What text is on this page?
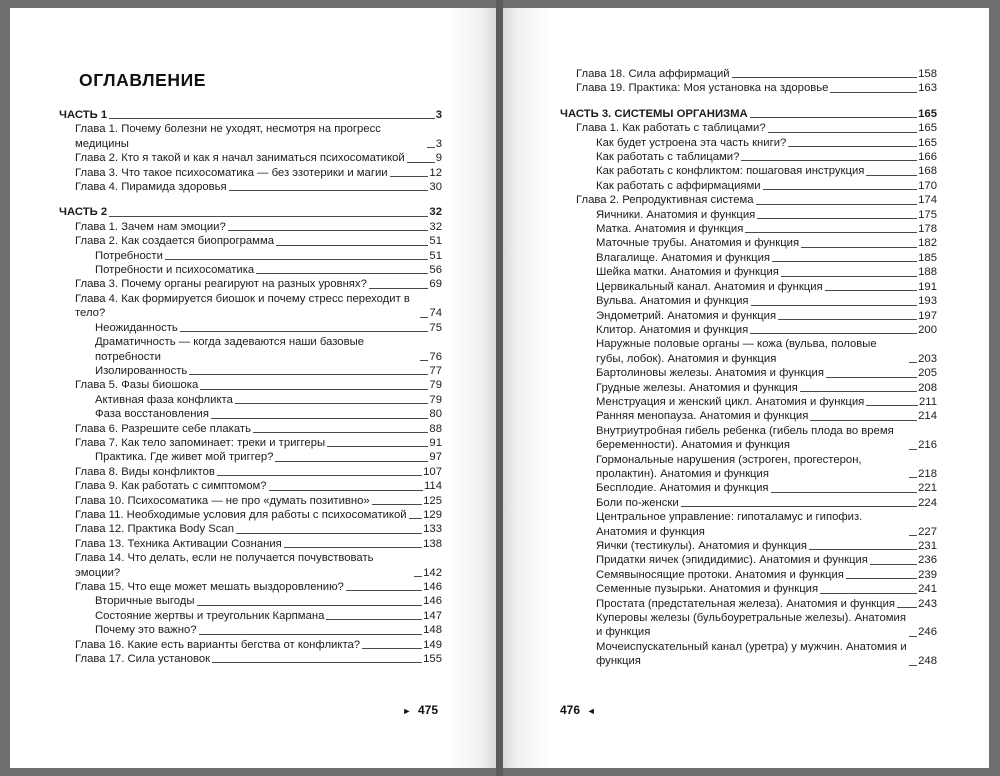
ОГЛАВЛЕНИЕ
ЧАСТЬ 1	3
Глава 1. Почему болезни не уходят, несмотря на прогресс медицины	3
Глава 2. Кто я такой и как я начал заниматься психосоматикой	9
Глава 3. Что такое психосоматика — без эзотерики и магии	12
Глава 4. Пирамида здоровья	30
ЧАСТЬ 2	32
Глава 1. Зачем нам эмоции?	32
Глава 2. Как создается биопрограмма	51
Потребности	51
Потребности и психосоматика	56
Глава 3. Почему органы реагируют на разных уровнях?	69
Глава 4. Как формируется биошок и почему стресс переходит в тело?	74
Неожиданность	75
Драматичность — когда задеваются наши базовые потребности	76
Изолированность	77
Глава 5. Фазы биошока	79
Активная фаза конфликта	79
Фаза восстановления	80
Глава 6. Разрешите себе плакать	88
Глава 7. Как тело запоминает: треки и триггеры	91
Практика. Где живет мой триггер?	97
Глава 8. Виды конфликтов	107
Глава 9. Как работать с симптомом?	114
Глава 10. Психосоматика — не про «думать позитивно»	125
Глава 11. Необходимые условия для работы с психосоматикой 129
Глава 12. Практика Body Scan	133
Глава 13. Техника Активации Сознания	138
Глава 14. Что делать, если не получается почувствовать эмоции?	142
Глава 15. Что еще может мешать выздоровлению?	146
Вторичные выгоды	146
Состояние жертвы и треугольник Карпмана	147
Почему это важно?	148
Глава 16. Какие есть варианты бегства от конфликта?	149
Глава 17. Сила установок	155
► 475
Глава 18. Сила аффирмаций	158
Глава 19. Практика: Моя установка на здоровье	163
ЧАСТЬ 3. СИСТЕМЫ ОРГАНИЗМА	165
Глава 1. Как работать с таблицами?	165
Как будет устроена эта часть книги?	165
Как работать с таблицами?	166
Как работать с конфликтом: пошаговая инструкция	168
Как работать с аффирмациями	170
Глава 2. Репродуктивная система	174
Яичники. Анатомия и функция	175
Матка. Анатомия и функция	178
Маточные трубы. Анатомия и функция	182
Влагалище. Анатомия и функция	185
Шейка матки. Анатомия и функция	188
Цервикальный канал. Анатомия и функция	191
Вульва. Анатомия и функция	193
Эндометрий. Анатомия и функция	197
Клитор. Анатомия и функция	200
Наружные половые органы — кожа (вульва, половые губы, лобок). Анатомия и функция	203
Бартолиновы железы. Анатомия и функция	205
Грудные железы. Анатомия и функция	208
Менструация и женский цикл. Анатомия и функция	211
Ранняя менопауза. Анатомия и функция	214
Внутриутробная гибель ребенка (гибель плода во время беременности). Анатомия и функция	216
Гормональные нарушения (эстроген, прогестерон, пролактин). Анатомия и функция	218
Бесплодие. Анатомия и функция	221
Боли по-женски	224
Центральное управление: гипоталамус и гипофиз. Анатомия и функция	227
Яички (тестикулы). Анатомия и функция	231
Придатки яичек (эпидидимис). Анатомия и функция	236
Семявыносящие протоки. Анатомия и функция	239
Семенные пузырьки. Анатомия и функция	241
Простата (предстательная железа). Анатомия и функция 243
Куперовы железы (бульбоуретральные железы). Анатомия и функция	246
Мочеиспускательный канал (уретра) у мужчин. Анатомия и функция	248
476 ◄
